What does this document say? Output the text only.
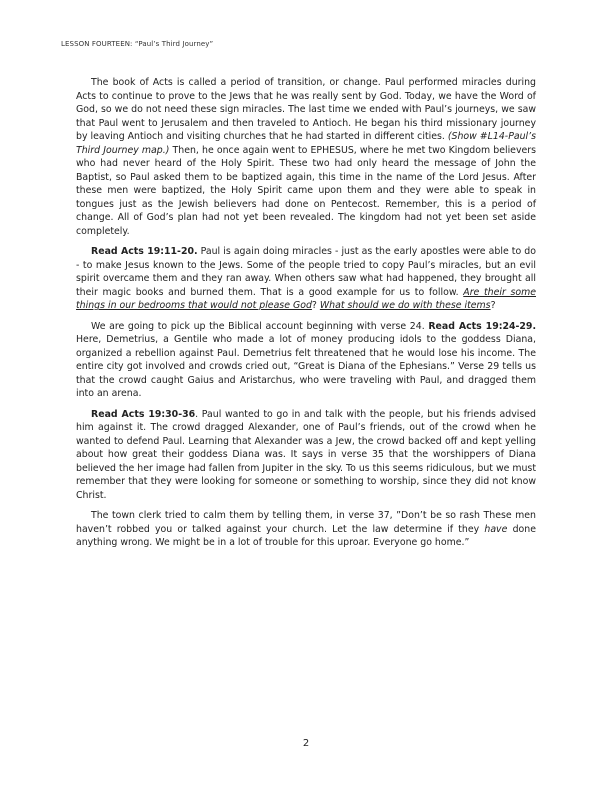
LESSON FOURTEEN: “Paul’s Third Journey”

The book of Acts is called a period of transition, or change. Paul performed miracles during Acts to continue to prove to the Jews that he was really sent by God. Today, we have the Word of God, so we do not need these sign miracles. The last time we ended with Paul’s journeys, we saw that Paul went to Jerusalem and then traveled to Antioch. He began his third missionary journey by leaving Antioch and visiting churches that he had started in different cities. (Show #L14-Paul’s Third Journey map.) Then, he once again went to EPHESUS, where he met two Kingdom believers who had never heard of the Holy Spirit. These two had only heard the message of John the Baptist, so Paul asked them to be baptized again, this time in the name of the Lord Jesus. After these men were baptized, the Holy Spirit came upon them and they were able to speak in tongues just as the Jewish believers had done on Pentecost. Remember, this is a period of change. All of God’s plan had not yet been revealed. The kingdom had not yet been set aside completely.

Read Acts 19:11-20. Paul is again doing miracles - just as the early apostles were able to do - to make Jesus known to the Jews. Some of the people tried to copy Paul’s miracles, but an evil spirit overcame them and they ran away. When others saw what had happened, they brought all their magic books and burned them. That is a good example for us to follow. Are their some things in our bedrooms that would not please God? What should we do with these items?

We are going to pick up the Biblical account beginning with verse 24. Read Acts 19:24-29. Here, Demetrius, a Gentile who made a lot of money producing idols to the goddess Diana, organized a rebellion against Paul. Demetrius felt threatened that he would lose his income. The entire city got involved and crowds cried out, “Great is Diana of the Ephesians.” Verse 29 tells us that the crowd caught Gaius and Aristarchus, who were traveling with Paul, and dragged them into an arena.

Read Acts 19:30-36. Paul wanted to go in and talk with the people, but his friends advised him against it. The crowd dragged Alexander, one of Paul’s friends, out of the crowd when he wanted to defend Paul. Learning that Alexander was a Jew, the crowd backed off and kept yelling about how great their goddess Diana was. It says in verse 35 that the worshippers of Diana believed the her image had fallen from Jupiter in the sky. To us this seems ridiculous, but we must remember that they were looking for someone or something to worship, since they did not know Christ.

The town clerk tried to calm them by telling them, in verse 37, ”Don’t be so rash These men haven’t robbed you or talked against your church. Let the law determine if they have done anything wrong. We might be in a lot of trouble for this uproar. Everyone go home.”

2
